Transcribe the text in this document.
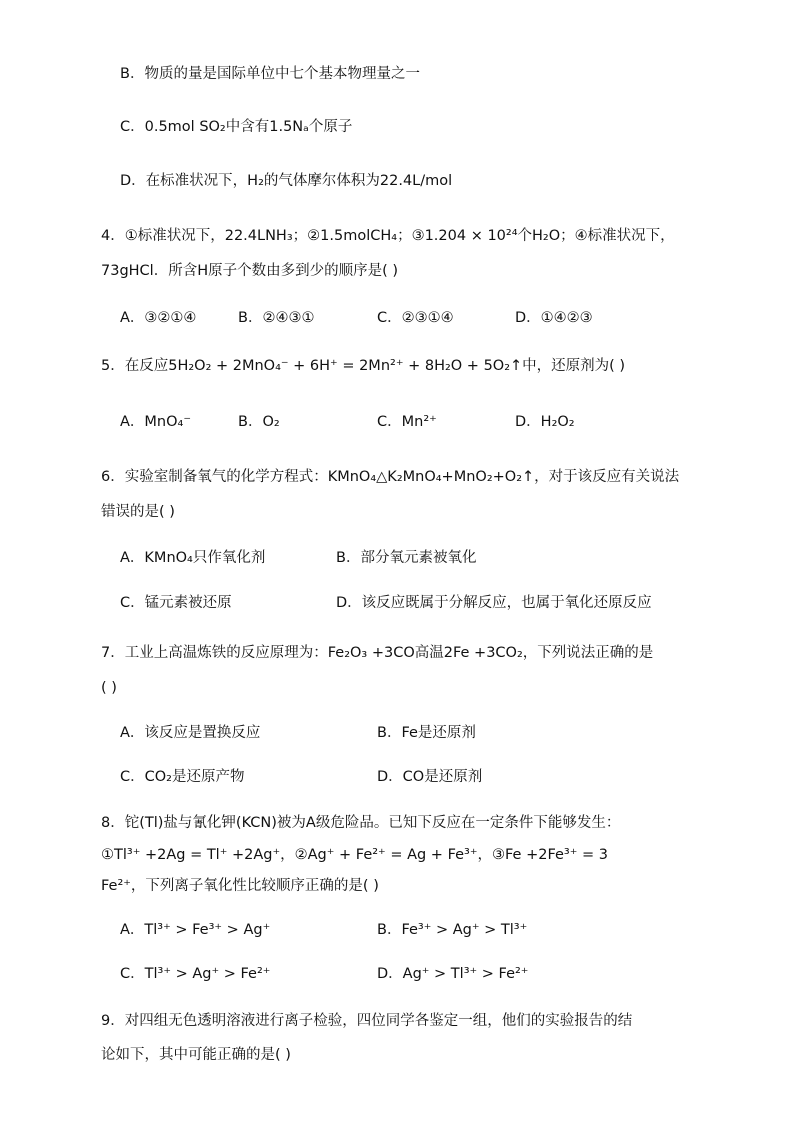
B．物质的量是国际单位中七个基本物理量之一
C．0.5mol SO₂中含有1.5Nₐ个原子
D．在标准状况下，H₂的气体摩尔体积为22.4L/mol
4．①标准状况下，22.4LNH₃；②1.5molCH₄；③1.204 × 10²⁴个H₂O；④标准状况下，
73gHCl．所含H原子个数由多到少的顺序是( )
A．③②①④	B．②④③①	C．②③①④	D．①④②③
5．在反应5H₂O₂ + 2MnO₄⁻ + 6H⁺ = 2Mn²⁺ + 8H₂O + 5O₂↑中，还原剂为( )
A．MnO₄⁻	B．O₂	C．Mn²⁺	D．H₂O₂
6．实验室制备氧气的化学方程式：KMnO₄△K₂MnO₄+MnO₂+O₂↑，对于该反应有关说法
错误的是( )
A．KMnO₄只作氧化剂	B．部分氧元素被氧化
C．锰元素被还原	D．该反应既属于分解反应，也属于氧化还原反应
7．工业上高温炼铁的反应原理为：Fe₂O₃ +3CO高温2Fe +3CO₂，下列说法正确的是
( )
A．该反应是置换反应	B．Fe是还原剂
C．CO₂是还原产物	D．CO是还原剂
8．铊(Tl)盐与氰化钾(KCN)被为A级危险品。已知下反应在一定条件下能够发生：
①Tl³⁺ +2Ag = Tl⁺ +2Ag⁺，②Ag⁺ + Fe²⁺ = Ag + Fe³⁺，③Fe +2Fe³⁺ = 3
Fe²⁺，下列离子氧化性比较顺序正确的是( )
A．Tl³⁺ > Fe³⁺ > Ag⁺	B．Fe³⁺ > Ag⁺ > Tl³⁺
C．Tl³⁺ > Ag⁺ > Fe²⁺	D．Ag⁺ > Tl³⁺ > Fe²⁺
9．对四组无色透明溶液进行离子检验，四位同学各鉴定一组，他们的实验报告的结
论如下，其中可能正确的是( )
